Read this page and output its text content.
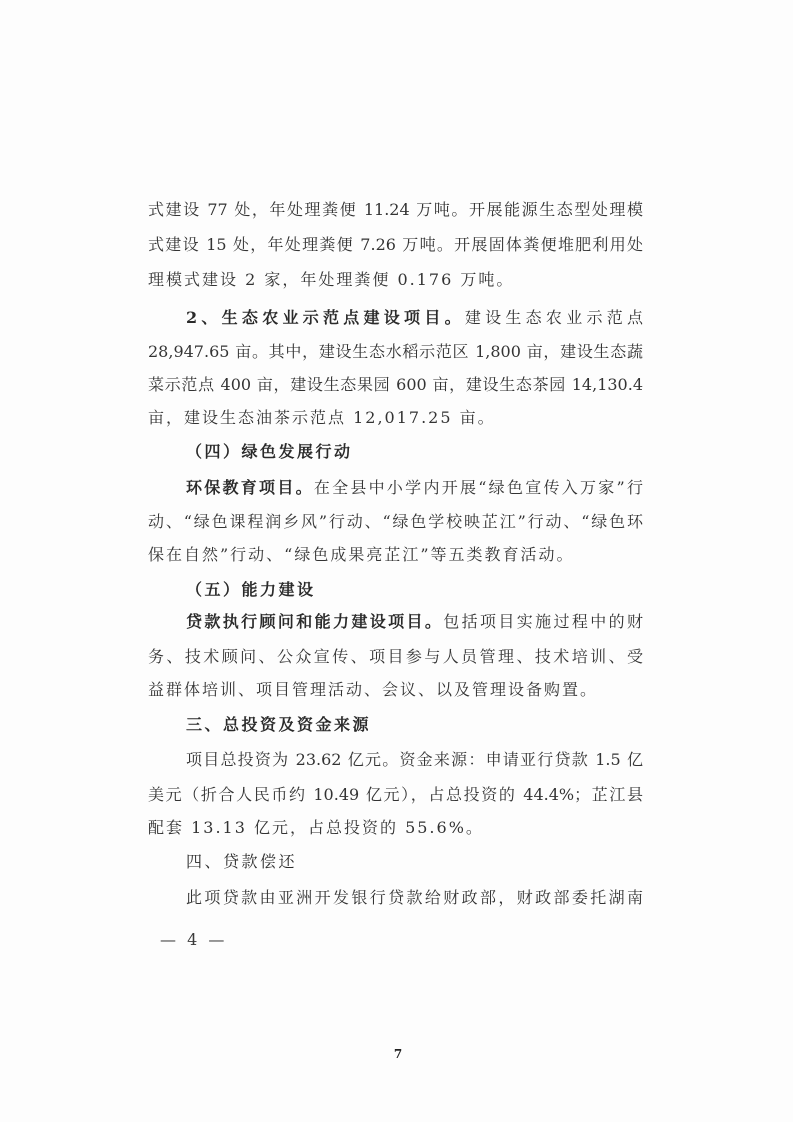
式建设 77 处，年处理粪便 11.24 万吨。开展能源生态型处理模
式建设 15 处，年处理粪便 7.26 万吨。开展固体粪便堆肥利用处
理模式建设 2 家，年处理粪便 0.176 万吨。
2、生态农业示范点建设项目。建设生态农业示范点
28,947.65 亩。其中，建设生态水稻示范区 1,800 亩，建设生态蔬
菜示范点 400 亩，建设生态果园 600 亩，建设生态茶园 14,130.4
亩，建设生态油茶示范点 12,017.25 亩。
（四）绿色发展行动
环保教育项目。在全县中小学内开展“绿色宣传入万家”行
动、“绿色课程润乡风”行动、“绿色学校映芷江”行动、“绿色环
保在自然”行动、“绿色成果亮芷江”等五类教育活动。
（五）能力建设
贷款执行顾问和能力建设项目。包括项目实施过程中的财
务、技术顾问、公众宣传、项目参与人员管理、技术培训、受
益群体培训、项目管理活动、会议、以及管理设备购置。
三、总投资及资金来源
项目总投资为 23.62 亿元。资金来源：申请亚行贷款 1.5 亿
美元（折合人民币约 10.49 亿元），占总投资的 44.4%；芷江县
配套 13.13 亿元，占总投资的 55.6%。
四、贷款偿还
此项贷款由亚洲开发银行贷款给财政部，财政部委托湖南
— 4 —
7
